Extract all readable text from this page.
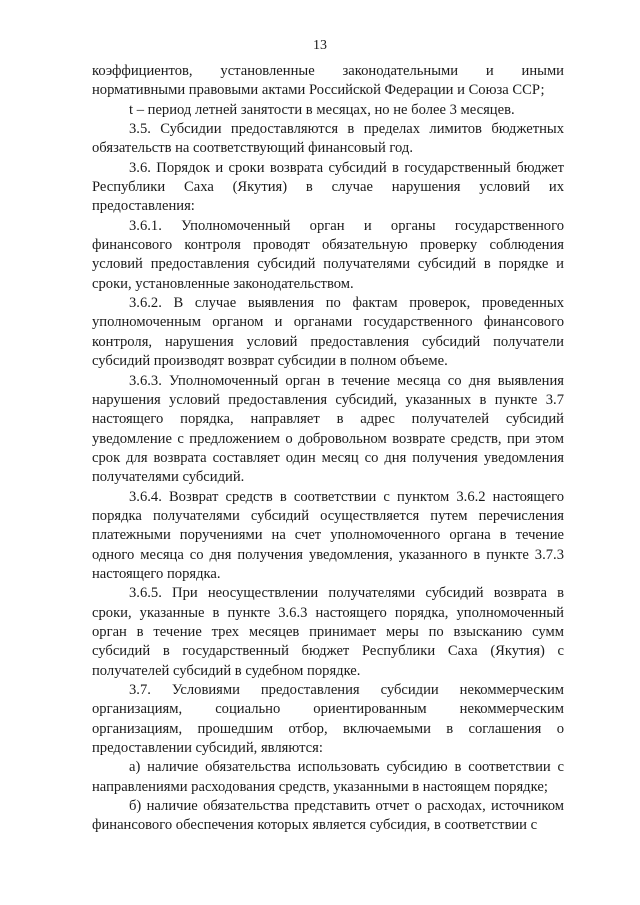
13

коэффициентов, установленные законодательными и иными нормативными правовыми актами Российской Федерации и Союза ССР;

t – период летней занятости в месяцах, но не более 3 месяцев.

3.5. Субсидии предоставляются в пределах лимитов бюджетных обязательств на соответствующий финансовый год.

3.6. Порядок и сроки возврата субсидий в государственный бюджет Республики Саха (Якутия) в случае нарушения условий их предоставления:

3.6.1. Уполномоченный орган и органы государственного финансового контроля проводят обязательную проверку соблюдения условий предоставления субсидий получателями субсидий в порядке и сроки, установленные законодательством.

3.6.2. В случае выявления по фактам проверок, проведенных уполномоченным органом и органами государственного финансового контроля, нарушения условий предоставления субсидий получатели субсидий производят возврат субсидии в полном объеме.

3.6.3. Уполномоченный орган в течение месяца со дня выявления нарушения условий предоставления субсидий, указанных в пункте 3.7 настоящего порядка, направляет в адрес получателей субсидий уведомление с предложением о добровольном возврате средств, при этом срок для возврата составляет один месяц со дня получения уведомления получателями субсидий.

3.6.4. Возврат средств в соответствии с пунктом 3.6.2 настоящего порядка получателями субсидий осуществляется путем перечисления платежными поручениями на счет уполномоченного органа в течение одного месяца со дня получения уведомления, указанного в пункте 3.7.3 настоящего порядка.

3.6.5. При неосуществлении получателями субсидий возврата в сроки, указанные в пункте 3.6.3 настоящего порядка, уполномоченный орган в течение трех месяцев принимает меры по взысканию сумм субсидий в государственный бюджет Республики Саха (Якутия) с получателей субсидий в судебном порядке.

3.7. Условиями предоставления субсидии некоммерческим организациям, социально ориентированным некоммерческим организациям, прошедшим отбор, включаемыми в соглашения о предоставлении субсидий, являются:

а) наличие обязательства использовать субсидию в соответствии с направлениями расходования средств, указанными в настоящем порядке;

б) наличие обязательства представить отчет о расходах, источником финансового обеспечения которых является субсидия, в соответствии с
